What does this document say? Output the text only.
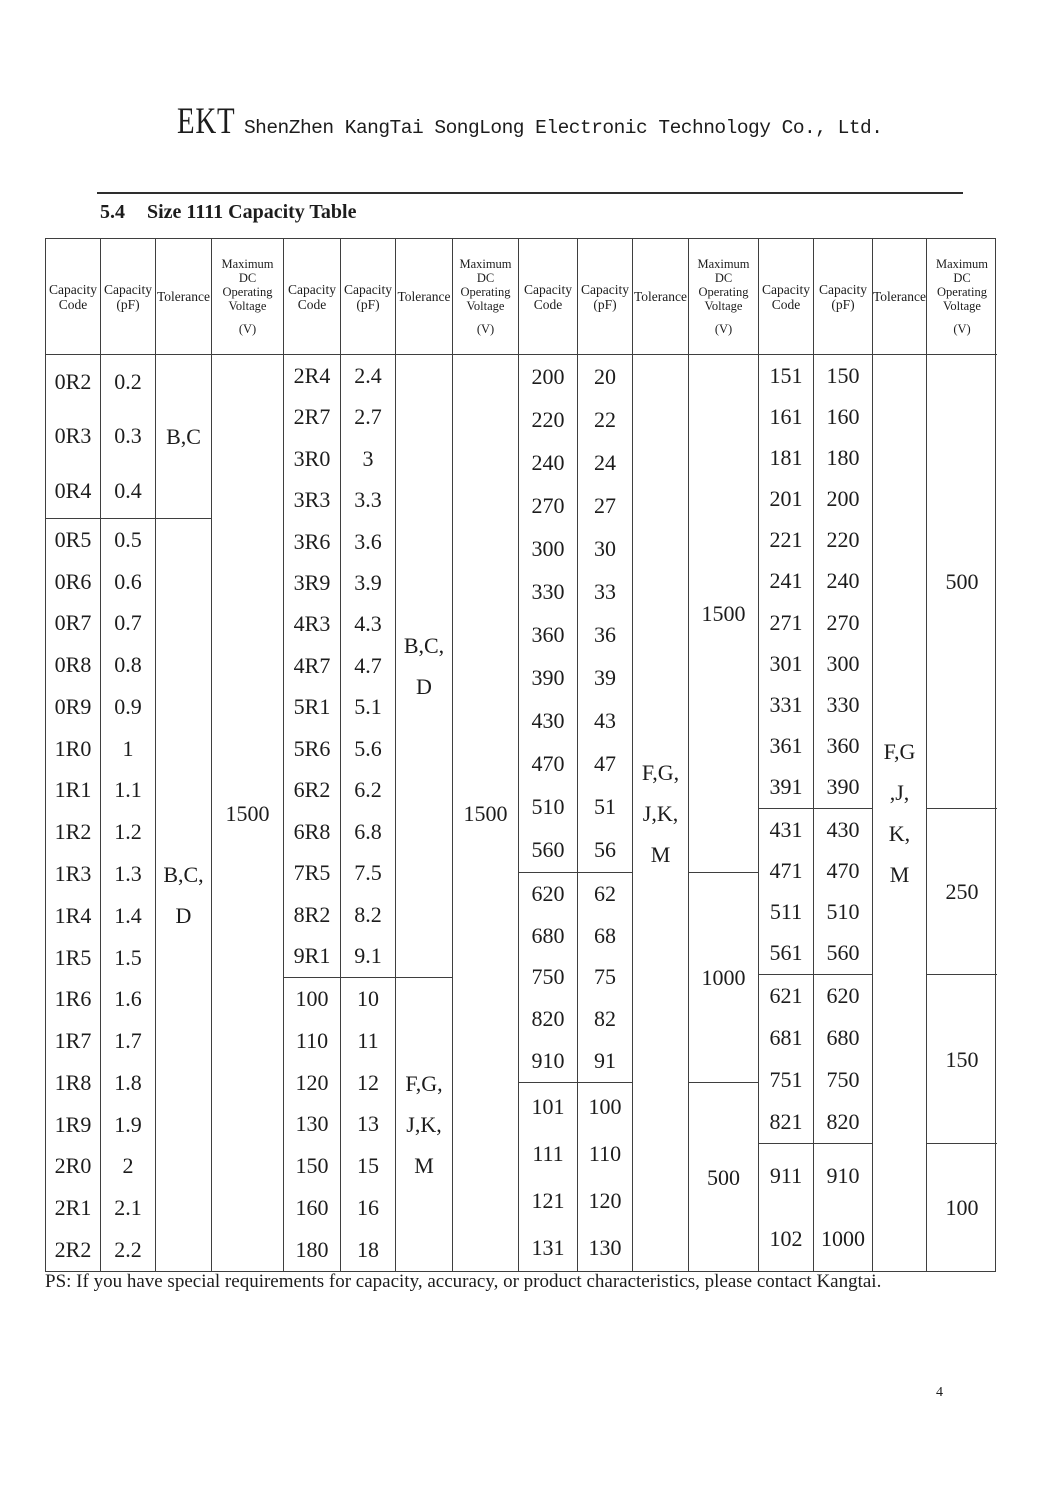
EKT ShenZhen KangTai SongLong Electronic Technology Co., Ltd.
5.4 Size 1111 Capacity Table
Capacity
Code
Capacity
(pF) Tolerance
Maximum
DC
Operating
Voltage
(V)
0R2
0R3
0R4
0R5
0R6
0R7
0R8
0R9
1R0
1R1
1R2
1R3
1R4
1R5
1R6
1R7
1R8
1R9
2R0
2R1
2R2
0.2
0.3
0.4
0.5
0.6
0.7
0.8
0.9
1
1.1
1.2
1.3
1.4
1.5
1.6
1.7
1.8
1.9
2
2.1
2.2
B,C
B,C,
D
1500
Capacity
Code
Capacity
(pF) Tolerance
Maximum
DC
Operating
Voltage
(V)
2R4
2R7
3R0
3R3
3R6
3R9
4R3
4R7
5R1
5R6
6R2
6R8
7R5
8R2
9R1
100
110
120
130
150
160
180
2.4
2.7
3
3.3
3.6
3.9
4.3
4.7
5.1
5.6
6.2
6.8
7.5
8.2
9.1
10
11
12
13
15
16
18
B,C,
D
F,G,
J,K,
M
1500
Capacity
Code
Capacity
(pF) Tolerance
Maximum
DC
Operating
Voltage
(V)
200
220
240
270
300
330
360
390
430
470
510
560
620
680
750
820
910
101
111
121
131
20
22
24
27
30
33
36
39
43
47
51
56
62
68
75
82
91
100
110
120
130
F,G,
J,K,
M
1500
1000
500
Capacity
Code
Capacity
(pF) Tolerance
Maximum
DC
Operating
Voltage
(V)
151
161
181
201
221
241
271
301
331
361
391
431
471
511
561
621
681
751
821
911
102
150
160
180
200
220
240
270
300
330
360
390
430
470
510
560
620
680
750
820
910
1000
F,G
,J,
K,
M
500
250
150
100
PS: If you have special requirements for capacity, accuracy, or product characteristics, please contact Kangtai.
4
